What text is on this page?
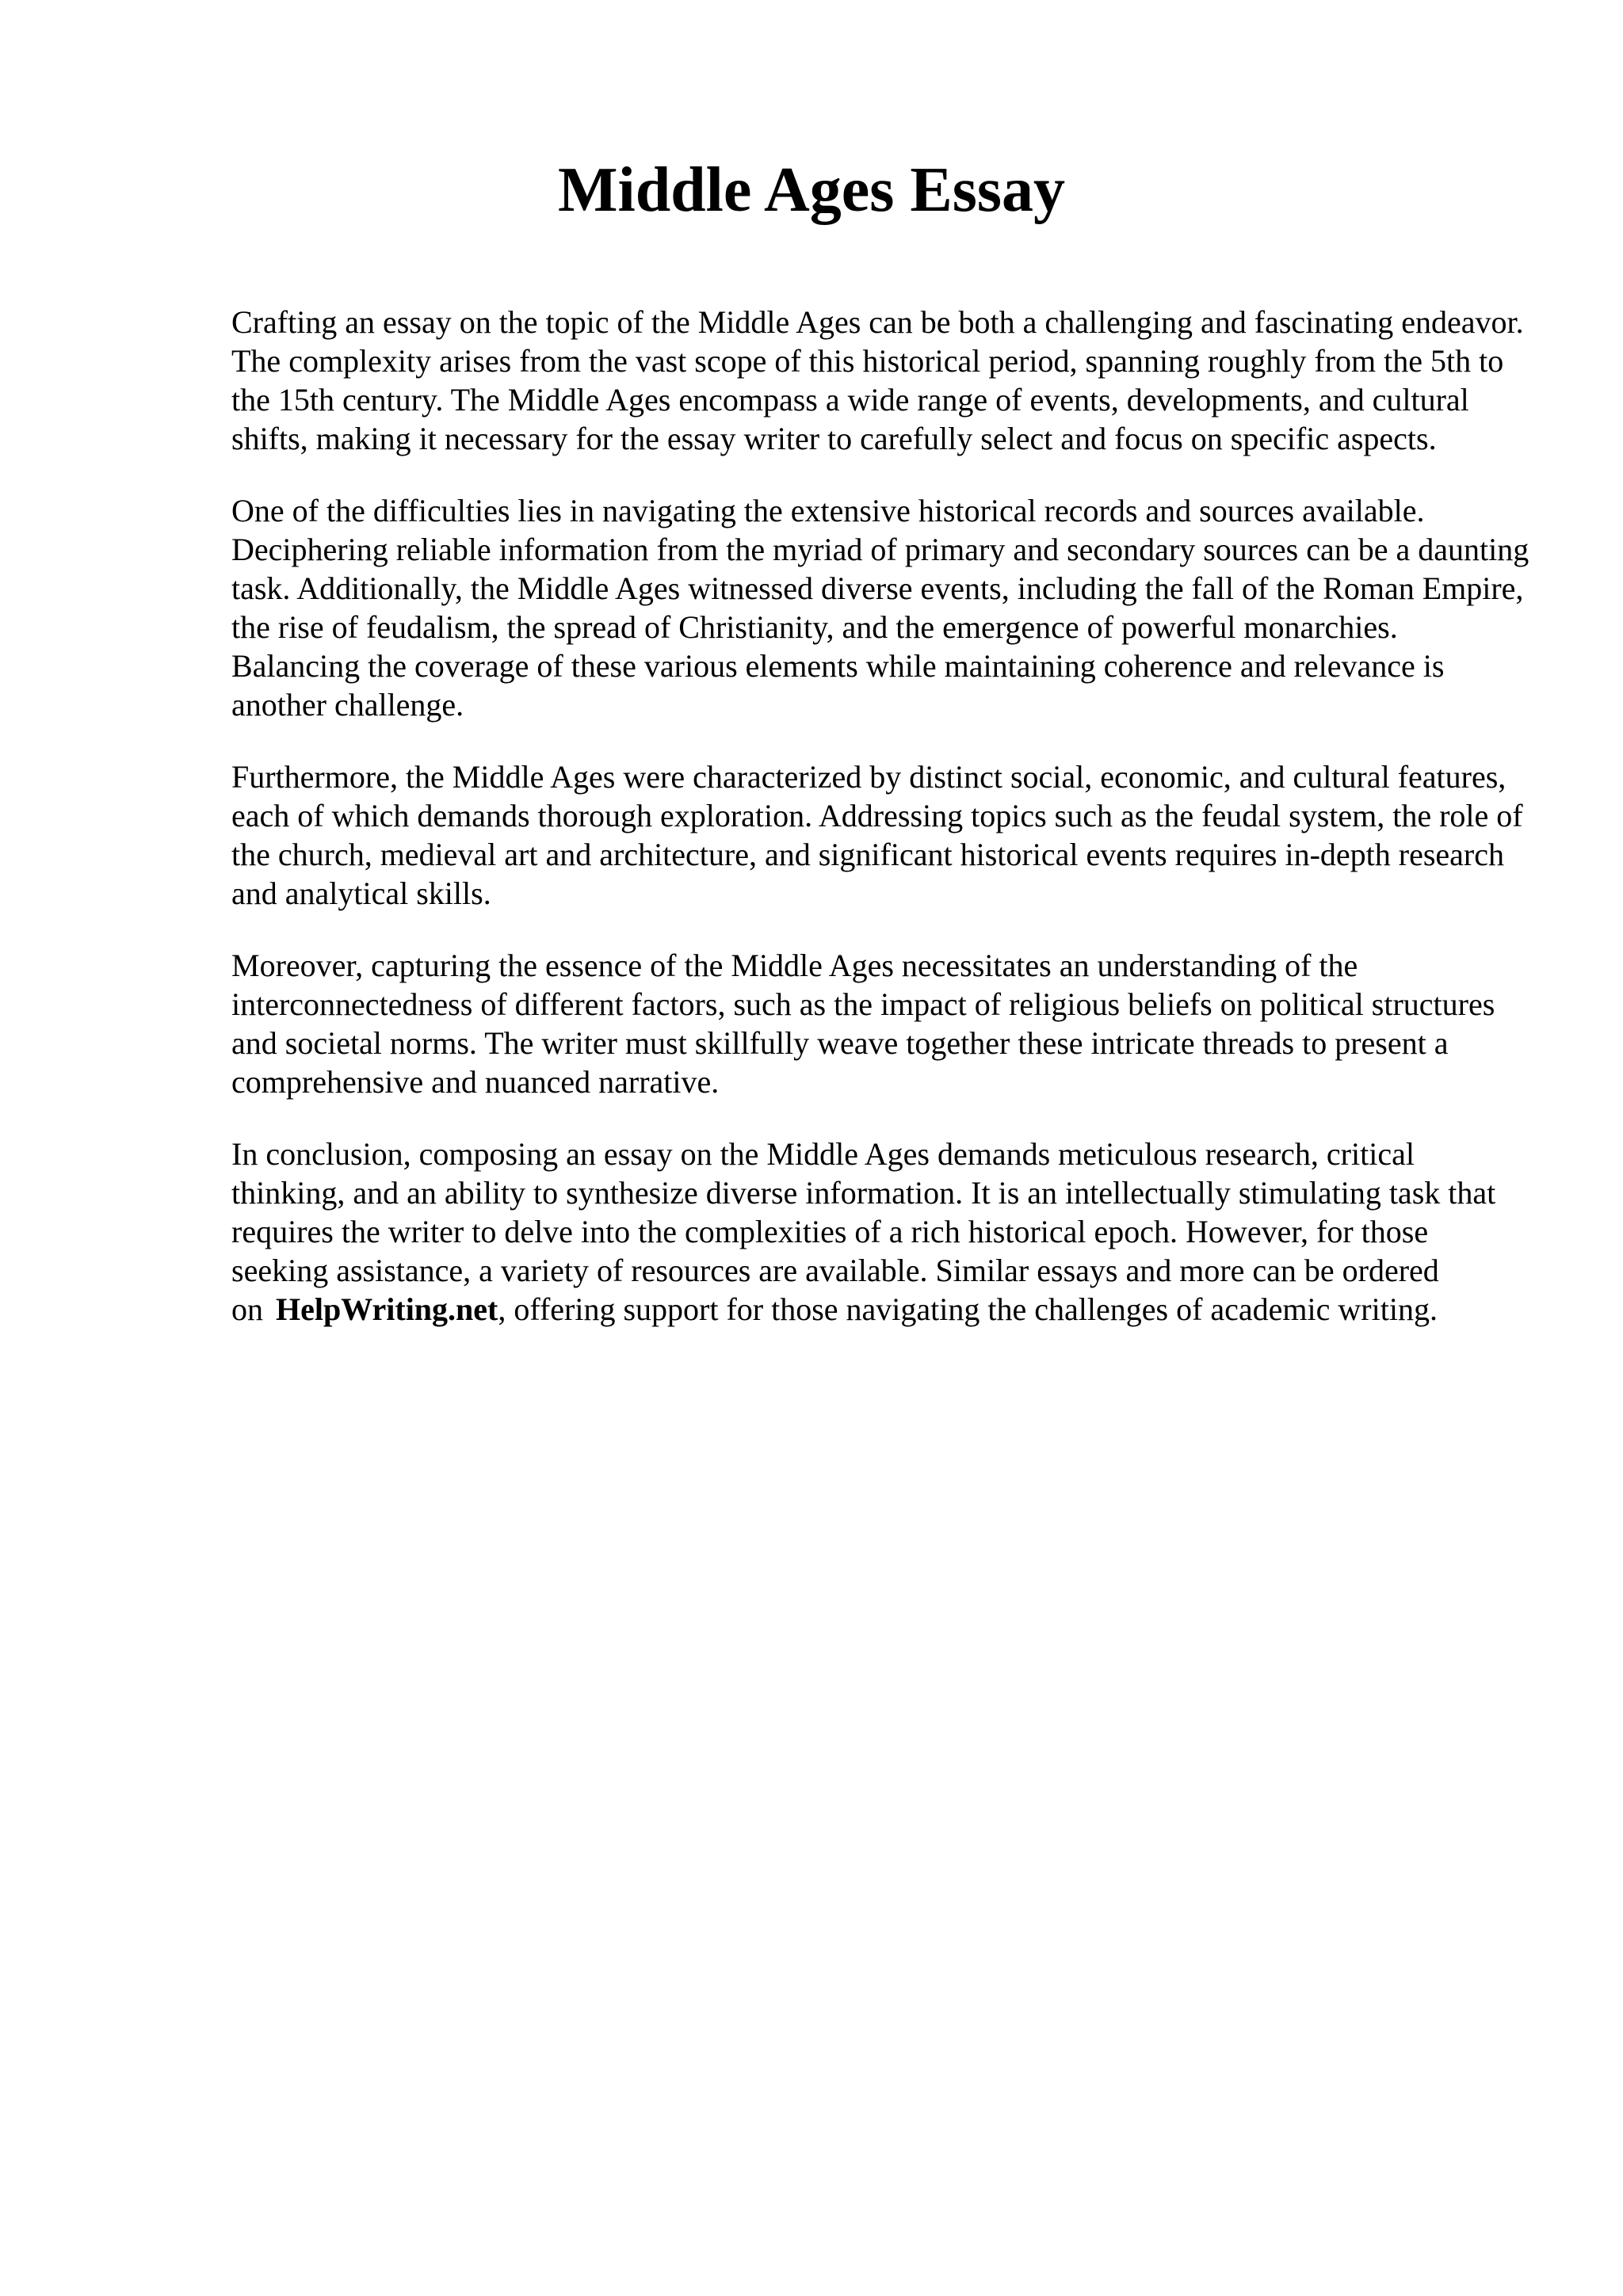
Middle Ages Essay

Crafting an essay on the topic of the Middle Ages can be both a challenging and fascinating endeavor. The complexity arises from the vast scope of this historical period, spanning roughly from the 5th to the 15th century. The Middle Ages encompass a wide range of events, developments, and cultural shifts, making it necessary for the essay writer to carefully select and focus on specific aspects.

One of the difficulties lies in navigating the extensive historical records and sources available. Deciphering reliable information from the myriad of primary and secondary sources can be a daunting task. Additionally, the Middle Ages witnessed diverse events, including the fall of the Roman Empire, the rise of feudalism, the spread of Christianity, and the emergence of powerful monarchies. Balancing the coverage of these various elements while maintaining coherence and relevance is another challenge.

Furthermore, the Middle Ages were characterized by distinct social, economic, and cultural features, each of which demands thorough exploration. Addressing topics such as the feudal system, the role of the church, medieval art and architecture, and significant historical events requires in-depth research and analytical skills.

Moreover, capturing the essence of the Middle Ages necessitates an understanding of the interconnectedness of different factors, such as the impact of religious beliefs on political structures and societal norms. The writer must skillfully weave together these intricate threads to present a comprehensive and nuanced narrative.

In conclusion, composing an essay on the Middle Ages demands meticulous research, critical thinking, and an ability to synthesize diverse information. It is an intellectually stimulating task that requires the writer to delve into the complexities of a rich historical epoch. However, for those seeking assistance, a variety of resources are available. Similar essays and more can be ordered on HelpWriting.net, offering support for those navigating the challenges of academic writing.
